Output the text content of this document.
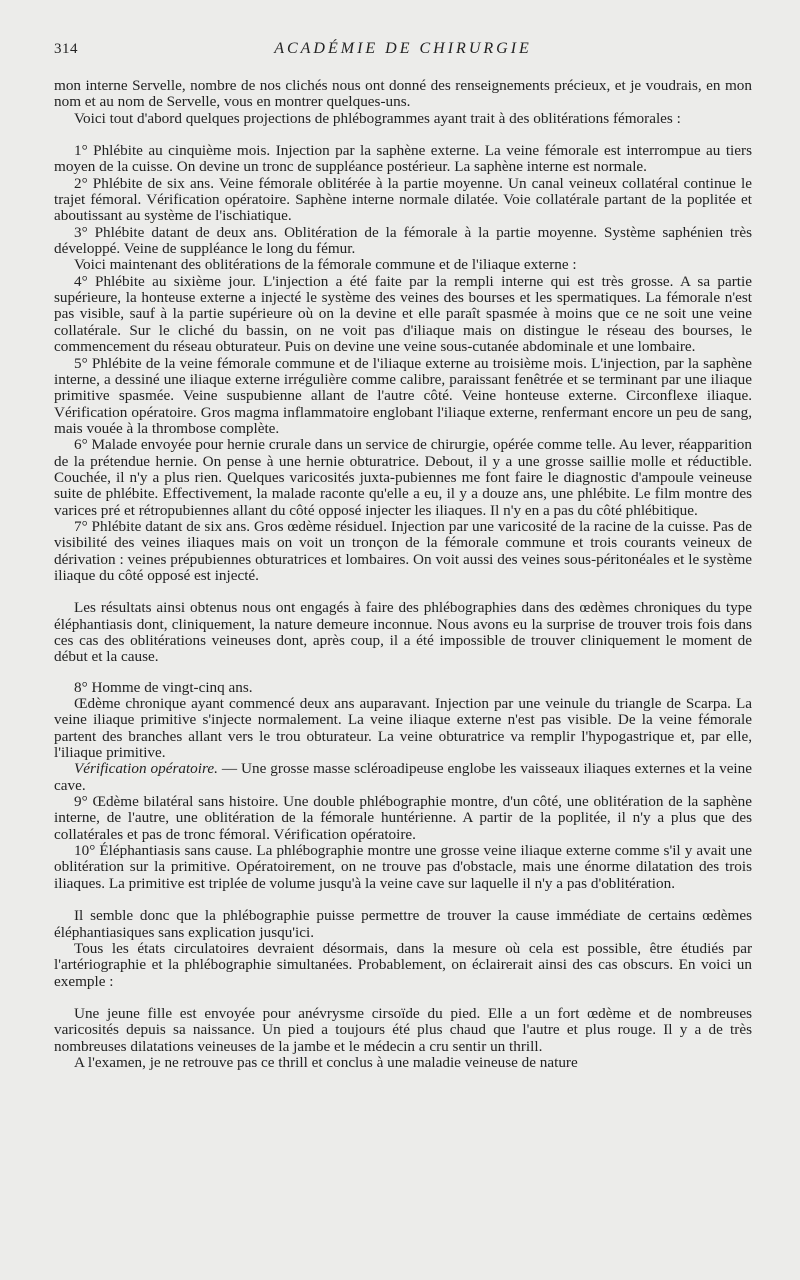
314	ACADÉMIE DE CHIRURGIE

mon interne Servelle, nombre de nos clichés nous ont donné des renseignements précieux, et je voudrais, en mon nom et au nom de Servelle, vous en montrer quelques-uns.

Voici tout d'abord quelques projections de phlébogrammes ayant trait à des oblitérations fémorales :

1° Phlébite au cinquième mois. Injection par la saphène externe. La veine fémorale est interrompue au tiers moyen de la cuisse. On devine un tronc de suppléance postérieur. La saphène interne est normale.

2° Phlébite de six ans. Veine fémorale oblitérée à la partie moyenne. Un canal veineux collatéral continue le trajet fémoral. Vérification opératoire. Saphène interne normale dilatée. Voie collatérale partant de la poplitée et aboutissant au système de l'ischiatique.

3° Phlébite datant de deux ans. Oblitération de la fémorale à la partie moyenne. Système saphénien très développé. Veine de suppléance le long du fémur.

Voici maintenant des oblitérations de la fémorale commune et de l'iliaque externe :

4° Phlébite au sixième jour. L'injection a été faite par la rempli interne qui est très grosse. A sa partie supérieure, la honteuse externe a injecté le système des veines des bourses et les spermatiques. La fémorale n'est pas visible, sauf à la partie supérieure où on la devine et elle paraît spasmée à moins que ce ne soit une veine collatérale. Sur le cliché du bassin, on ne voit pas d'iliaque mais on distingue le réseau des bourses, le commencement du réseau obturateur. Puis on devine une veine sous-cutanée abdominale et une lombaire.

5° Phlébite de la veine fémorale commune et de l'iliaque externe au troisième mois. L'injection, par la saphène interne, a dessiné une iliaque externe irrégulière comme calibre, paraissant fenêtrée et se terminant par une iliaque primitive spasmée. Veine suspubienne allant de l'autre côté. Veine honteuse externe. Circonflexe iliaque. Vérification opératoire. Gros magma inflammatoire englobant l'iliaque externe, renfermant encore un peu de sang, mais vouée à la thrombose complète.

6° Malade envoyée pour hernie crurale dans un service de chirurgie, opérée comme telle. Au lever, réapparition de la prétendue hernie. On pense à une hernie obturatrice. Debout, il y a une grosse saillie molle et réductible. Couchée, il n'y a plus rien. Quelques varicosités juxta-pubiennes me font faire le diagnostic d'ampoule veineuse suite de phlébite. Effectivement, la malade raconte qu'elle a eu, il y a douze ans, une phlébite. Le film montre des varices pré et rétropubiennes allant du côté opposé injecter les iliaques. Il n'y en a pas du côté phlébitique.

7° Phlébite datant de six ans. Gros œdème résiduel. Injection par une varicosité de la racine de la cuisse. Pas de visibilité des veines iliaques mais on voit un tronçon de la fémorale commune et trois courants veineux de dérivation : veines prépubiennes obturatrices et lombaires. On voit aussi des veines sous-péritonéales et le système iliaque du côté opposé est injecté.

Les résultats ainsi obtenus nous ont engagés à faire des phlébographies dans des œdèmes chroniques du type éléphantiasis dont, cliniquement, la nature demeure inconnue. Nous avons eu la surprise de trouver trois fois dans ces cas des oblitérations veineuses dont, après coup, il a été impossible de trouver cliniquement le moment de début et la cause.

8° Homme de vingt-cinq ans.

Œdème chronique ayant commencé deux ans auparavant. Injection par une veinule du triangle de Scarpa. La veine iliaque primitive s'injecte normalement. La veine iliaque externe n'est pas visible. De la veine fémorale partent des branches allant vers le trou obturateur. La veine obturatrice va remplir l'hypogastrique et, par elle, l'iliaque primitive.

Vérification opératoire. — Une grosse masse scléroadipeuse englobe les vaisseaux iliaques externes et la veine cave.

9° Œdème bilatéral sans histoire. Une double phlébographie montre, d'un côté, une oblitération de la saphène interne, de l'autre, une oblitération de la fémorale huntérienne. A partir de la poplitée, il n'y a plus que des collatérales et pas de tronc fémoral. Vérification opératoire.

10° Éléphantiasis sans cause. La phlébographie montre une grosse veine iliaque externe comme s'il y avait une oblitération sur la primitive. Opératoirement, on ne trouve pas d'obstacle, mais une énorme dilatation des trois iliaques. La primitive est triplée de volume jusqu'à la veine cave sur laquelle il n'y a pas d'oblitération.

Il semble donc que la phlébographie puisse permettre de trouver la cause immédiate de certains œdèmes éléphantiasiques sans explication jusqu'ici.

Tous les états circulatoires devraient désormais, dans la mesure où cela est possible, être étudiés par l'artériographie et la phlébographie simultanées. Probablement, on éclairerait ainsi des cas obscurs. En voici un exemple :

Une jeune fille est envoyée pour anévrysme cirsoïde du pied. Elle a un fort œdème et de nombreuses varicosités depuis sa naissance. Un pied a toujours été plus chaud que l'autre et plus rouge. Il y a de très nombreuses dilatations veineuses de la jambe et le médecin a cru sentir un thrill.

A l'examen, je ne retrouve pas ce thrill et conclus à une maladie veineuse de nature
